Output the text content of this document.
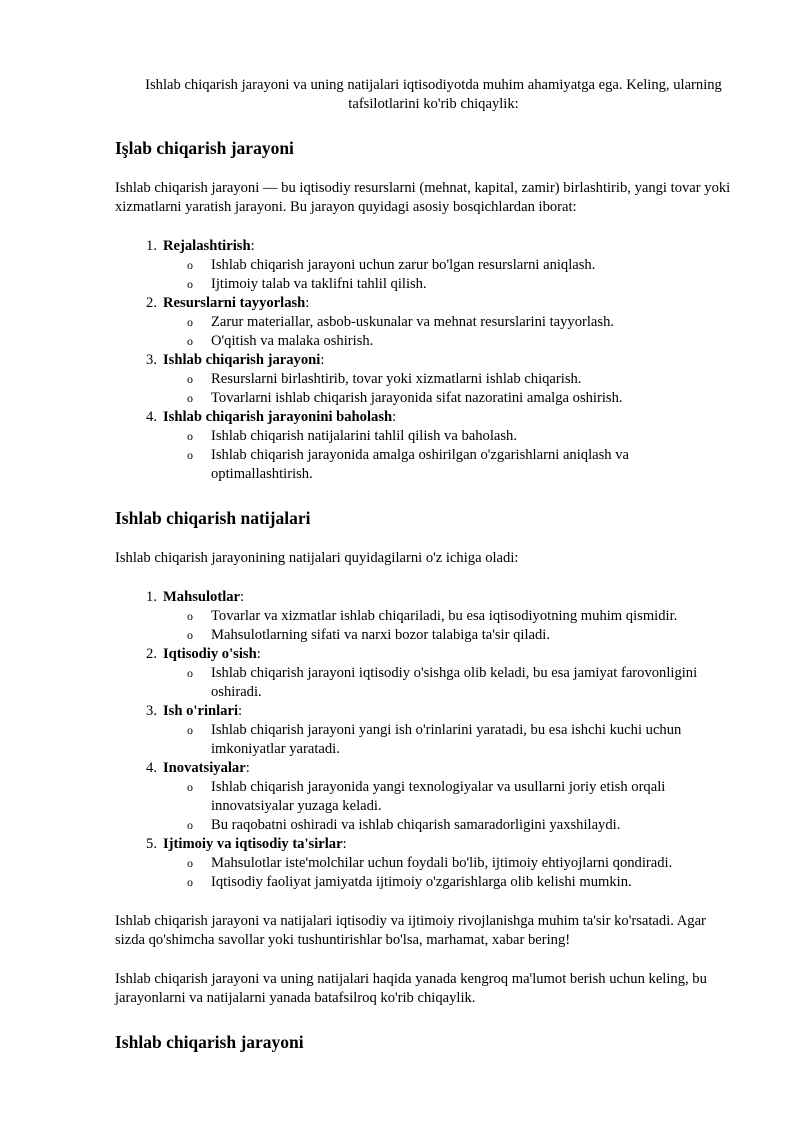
Ishlab chiqarish jarayoni va uning natijalari iqtisodiyotda muhim ahamiyatga ega. Keling, ularning tafsilotlarini ko'rib chiqaylik:

Işlab chiqarish jarayoni

Ishlab chiqarish jarayoni — bu iqtisodiy resurslarni (mehnat, kapital, zamir) birlashtirib, yangi tovar yoki xizmatlarni yaratish jarayoni. Bu jarayon quyidagi asosiy bosqichlardan iborat:

1. Rejalashtirish:
o Ishlab chiqarish jarayoni uchun zarur bo'lgan resurslarni aniqlash.
o Ijtimoiy talab va taklifni tahlil qilish.
2. Resurslarni tayyorlash:
o Zarur materiallar, asbob-uskunalar va mehnat resurslarini tayyorlash.
o O'qitish va malaka oshirish.
3. Ishlab chiqarish jarayoni:
o Resurslarni birlashtirib, tovar yoki xizmatlarni ishlab chiqarish.
o Tovarlarni ishlab chiqarish jarayonida sifat nazoratini amalga oshirish.
4. Ishlab chiqarish jarayonini baholash:
o Ishlab chiqarish natijalarini tahlil qilish va baholash.
o Ishlab chiqarish jarayonida amalga oshirilgan o'zgarishlarni aniqlash va optimallashtirish.
Ishlab chiqarish natijalari

Ishlab chiqarish jarayonining natijalari quyidagilarni o'z ichiga oladi:

1. Mahsulotlar:
o Tovarlar va xizmatlar ishlab chiqariladi, bu esa iqtisodiyotning muhim qismidir.
o Mahsulotlarning sifati va narxi bozor talabiga ta'sir qiladi.
2. Iqtisodiy o'sish:
o Ishlab chiqarish jarayoni iqtisodiy o'sishga olib keladi, bu esa jamiyat farovonligini oshiradi.
3. Ish o'rinlari:
o Ishlab chiqarish jarayoni yangi ish o'rinlarini yaratadi, bu esa ishchi kuchi uchun imkoniyatlar yaratadi.
4. Inovatsiyalar:
o Ishlab chiqarish jarayonida yangi texnologiyalar va usullarni joriy etish orqali innovatsiyalar yuzaga keladi.
o Bu raqobatni oshiradi va ishlab chiqarish samaradorligini yaxshilaydi.
5. Ijtimoiy va iqtisodiy ta'sirlar:
o Mahsulotlar iste'molchilar uchun foydali bo'lib, ijtimoiy ehtiyojlarni qondiradi.
o Iqtisodiy faoliyat jamiyatda ijtimoiy o'zgarishlarga olib kelishi mumkin.

Ishlab chiqarish jarayoni va natijalari iqtisodiy va ijtimoiy rivojlanishga muhim ta'sir ko'rsatadi. Agar sizda qo'shimcha savollar yoki tushuntirishlar bo'lsa, marhamat, xabar bering!

Ishlab chiqarish jarayoni va uning natijalari haqida yanada kengroq ma'lumot berish uchun keling, bu jarayonlarni va natijalarni yanada batafsilroq ko'rib chiqaylik.

Ishlab chiqarish jarayoni
